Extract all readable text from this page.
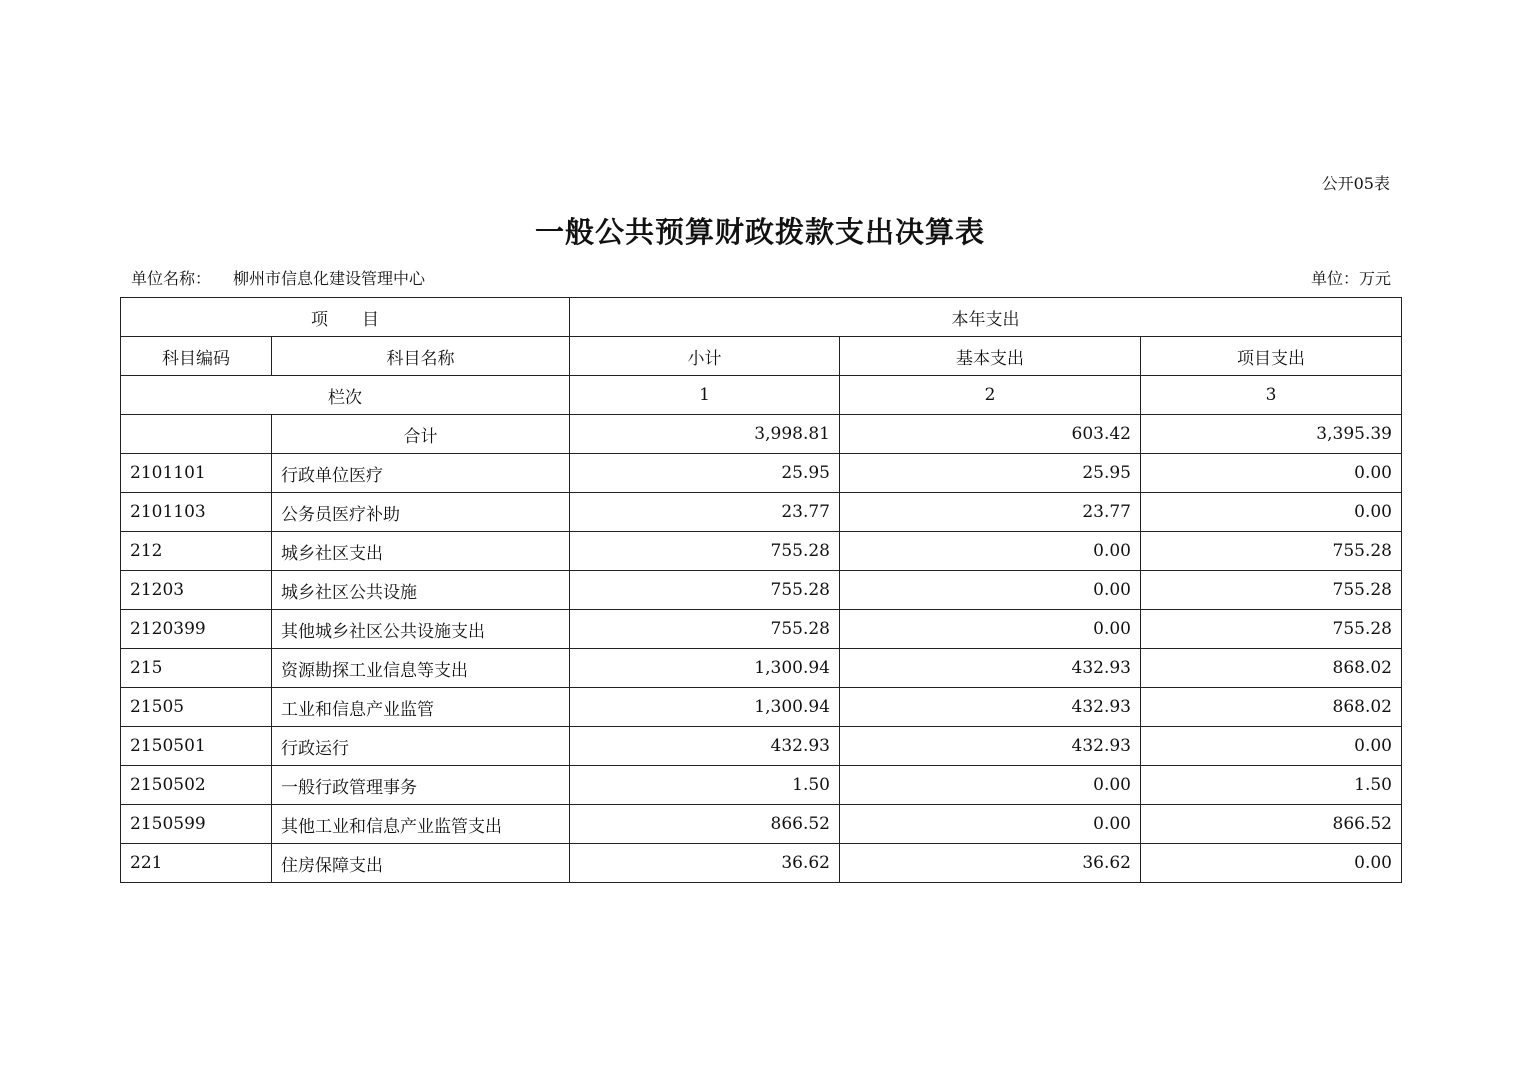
公开05表
一般公共预算财政拨款支出决算表
单位名称： 柳州市信息化建设管理中心	单位：万元
项　　目		本年支出		
科目编码	科目名称	小计	基本支出	项目支出
栏次		1	2	3
	合计	3,998.81	603.42	3,395.39
2101101	行政单位医疗	25.95	25.95	0.00
2101103	公务员医疗补助	23.77	23.77	0.00
212	城乡社区支出	755.28	0.00	755.28
21203	城乡社区公共设施	755.28	0.00	755.28
2120399	其他城乡社区公共设施支出	755.28	0.00	755.28
215	资源勘探工业信息等支出	1,300.94	432.93	868.02
21505	工业和信息产业监管	1,300.94	432.93	868.02
2150501	行政运行	432.93	432.93	0.00
2150502	一般行政管理事务	1.50	0.00	1.50
2150599	其他工业和信息产业监管支出	866.52	0.00	866.52
221	住房保障支出	36.62	36.62	0.00
